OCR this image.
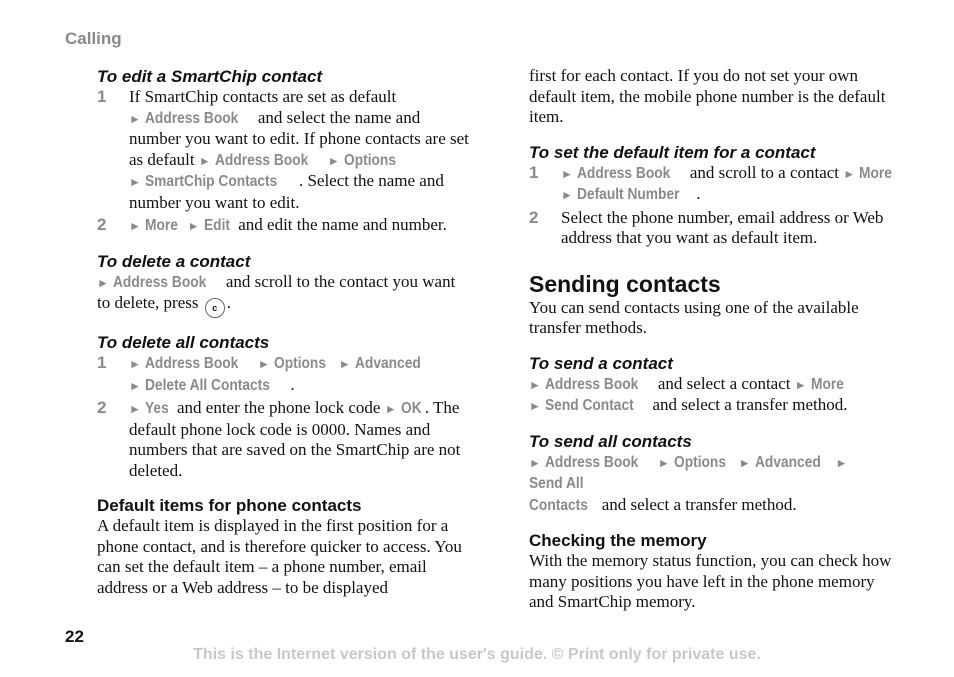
Calling
To edit a SmartChip contact
1	If SmartChip contacts are set as default
► Address Book and select the name and number you want to edit. If phone contacts are set as default ► Address Book ► Options
► SmartChip Contacts . Select the name and number you want to edit.
2	► More ► Edit and edit the name and number.
To delete a contact

► Address Book and scroll to the contact you want to delete, press c .

To delete all contacts
1	► Address Book ► Options ► Advanced
► Delete All Contacts .
2	► Yes and enter the phone lock code ► OK . The default phone lock code is 0000. Names and numbers that are saved on the SmartChip are not deleted.
Default items for phone contacts

A default item is displayed in the first position for a phone contact, and is therefore quicker to access. You can set the default item – a phone number, email address or a Web address – to be displayed

first for each contact. If you do not set your own default item, the mobile phone number is the default item.

To set the default item for a contact
1	► Address Book and scroll to a contact ► More
► Default Number .
2	Select the phone number, email address or Web address that you want as default item.
Sending contacts

You can send contacts using one of the available transfer methods.

To send a contact

► Address Book and select a contact ► More
► Send Contact and select a transfer method.

To send all contacts

► Address Book ► Options ► Advanced ► Send All
Contacts and select a transfer method.

Checking the memory

With the memory status function, you can check how many positions you have left in the phone memory and SmartChip memory.

22
This is the Internet version of the user's guide. © Print only for private use.
